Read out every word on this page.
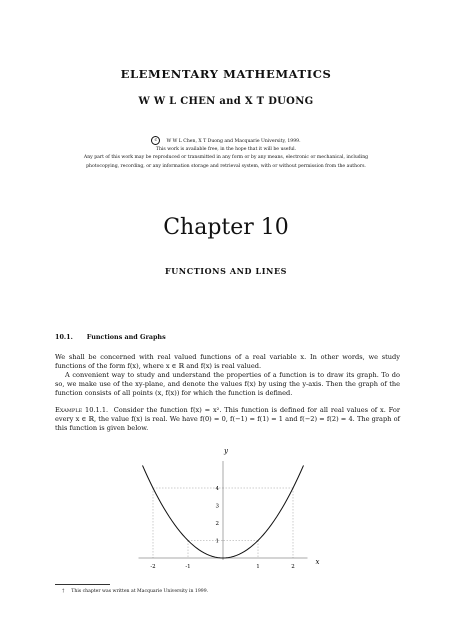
ELEMENTARY MATHEMATICS
W W L CHEN and X T DUONG
c W W L Chen, X T Duong and Macquarie University, 1999.
This work is available free, in the hope that it will be useful.
Any part of this work may be reproduced or transmitted in any form or by any means, electronic or mechanical, including
photocopying, recording, or any information storage and retrieval system, with or without permission from the authors.
Chapter 10
FUNCTIONS AND LINES
10.1. Functions and Graphs
We shall be concerned with real valued functions of a real variable x. In other words, we study functions of the form f(x), where x ∈ ℝ and f(x) is real valued.
A convenient way to study and understand the properties of a function is to draw its graph. To do so, we make use of the xy-plane, and denote the values f(x) by using the y-axis. Then the graph of the function consists of all points (x, f(x)) for which the function is defined.
Example 10.1.1. Consider the function f(x) = x². This function is defined for all real values of x. For every x ∈ ℝ, the value f(x) is real. We have f(0) = 0, f(−1) = f(1) = 1 and f(−2) = f(2) = 4. The graph of this function is given below.
x
y
-2	-1	1	2
1
2
3
4
† This chapter was written at Macquarie University in 1999.
